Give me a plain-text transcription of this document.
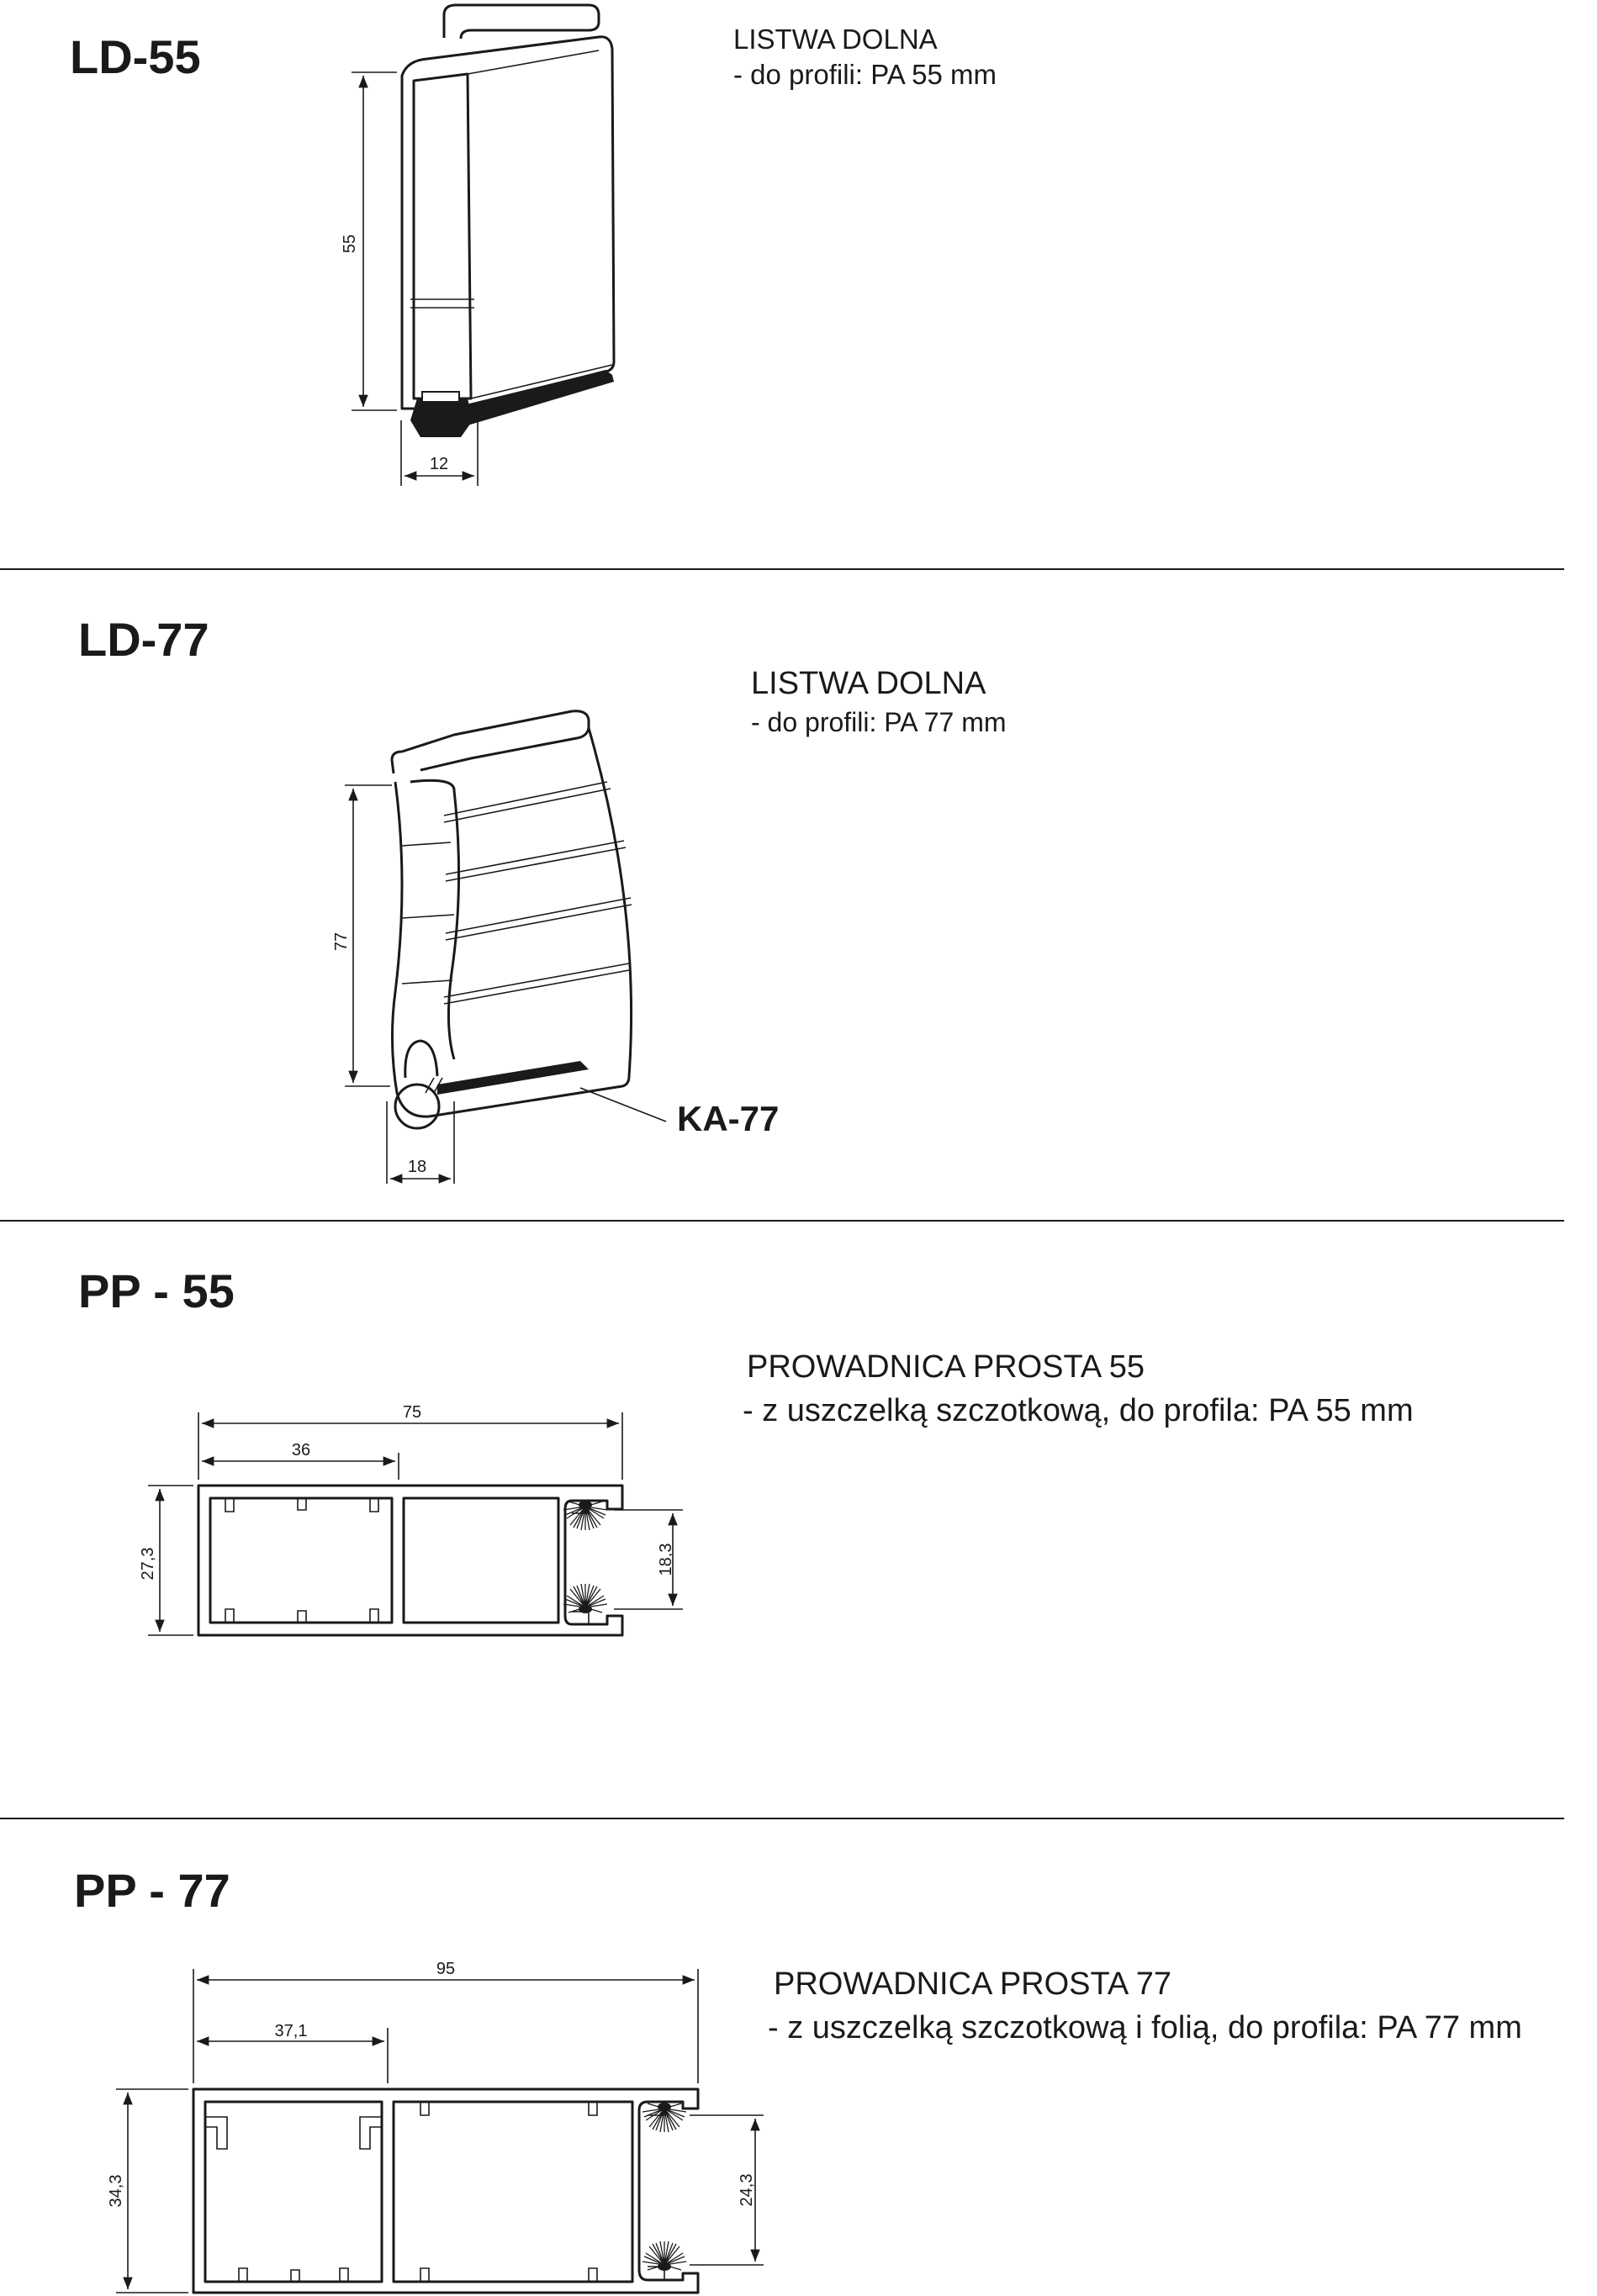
LD-55	LISTWA DOLNA
- do profili: PA 55 mm
55
12
LD-77
LISTWA DOLNA
- do profili: PA 77 mm
77
18
KA-77
PP - 55
PROWADNICA PROSTA 55
- z uszczelką szczotkową, do profila: PA 55 mm
75
36
27,3	18,3
PP - 77
PROWADNICA PROSTA 77
- z uszczelką szczotkową i folią, do profila: PA 77 mm
95
37,1
34,3	24,3
